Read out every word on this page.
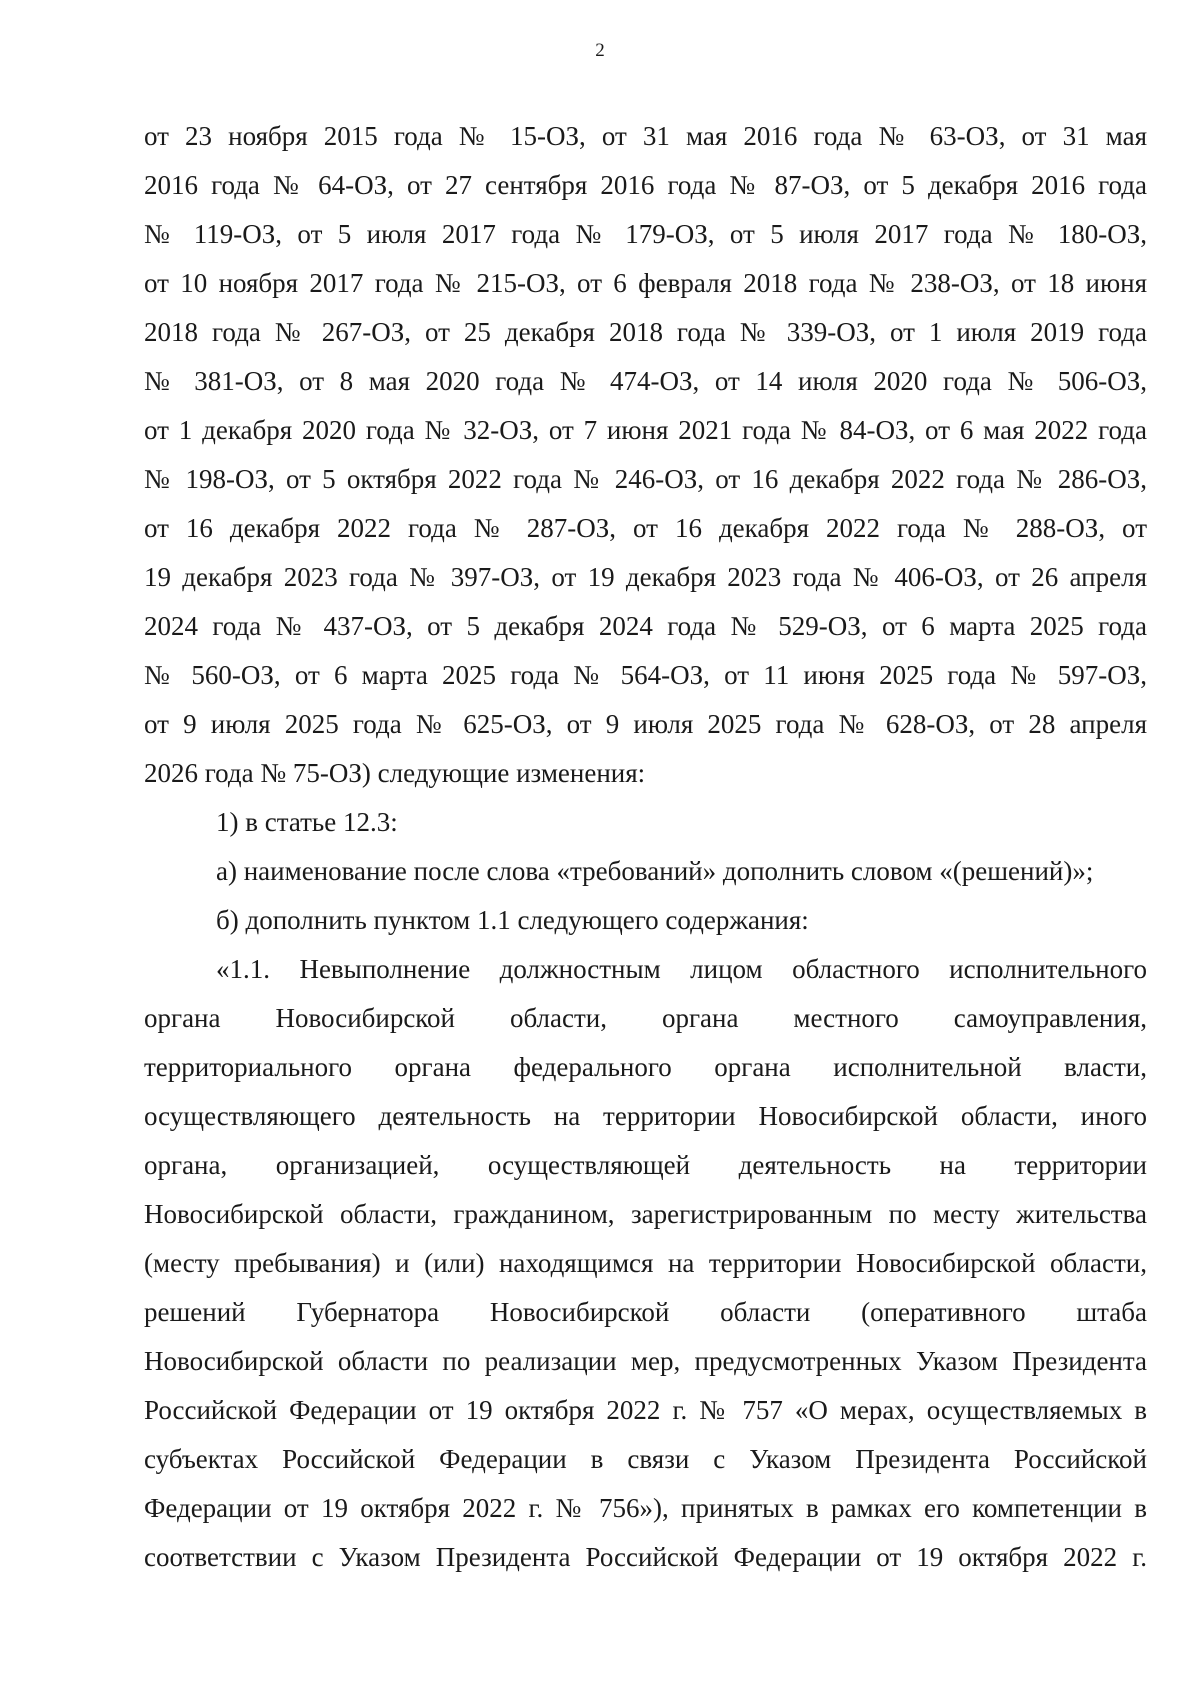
2

от 23 ноября 2015 года № 15-ОЗ, от 31 мая 2016 года № 63-ОЗ, от 31 мая

2016 года № 64-ОЗ, от 27 сентября 2016 года № 87-ОЗ, от 5 декабря 2016 года

№ 119-ОЗ, от 5 июля 2017 года № 179-ОЗ, от 5 июля 2017 года № 180-ОЗ,

от 10 ноября 2017 года № 215-ОЗ, от 6 февраля 2018 года № 238-ОЗ, от 18 июня

2018 года № 267-ОЗ, от 25 декабря 2018 года № 339-ОЗ, от 1 июля 2019 года

№ 381-ОЗ, от 8 мая 2020 года № 474-ОЗ, от 14 июля 2020 года № 506-ОЗ,

от 1 декабря 2020 года № 32-ОЗ, от 7 июня 2021 года № 84-ОЗ, от 6 мая 2022 года

№ 198-ОЗ, от 5 октября 2022 года № 246-ОЗ, от 16 декабря 2022 года № 286-ОЗ,

от 16 декабря 2022 года № 287-ОЗ, от 16 декабря 2022 года № 288-ОЗ, от

19 декабря 2023 года № 397-ОЗ, от 19 декабря 2023 года № 406-ОЗ, от 26 апреля

2024 года № 437-ОЗ, от 5 декабря 2024 года № 529-ОЗ, от 6 марта 2025 года

№ 560-ОЗ, от 6 марта 2025 года № 564-ОЗ, от 11 июня 2025 года № 597-ОЗ,

от 9 июля 2025 года № 625-ОЗ, от 9 июля 2025 года № 628-ОЗ, от 28 апреля

2026 года № 75-ОЗ) следующие изменения:

1) в статье 12.3:

а) наименование после слова «требований» дополнить словом «(решений)»;

б) дополнить пунктом 1.1 следующего содержания:

«1.1. Невыполнение должностным лицом областного исполнительного

органа Новосибирской области, органа местного самоуправления,

территориального органа федерального органа исполнительной власти,

осуществляющего деятельность на территории Новосибирской области, иного

органа, организацией, осуществляющей деятельность на территории

Новосибирской области, гражданином, зарегистрированным по месту жительства

(месту пребывания) и (или) находящимся на территории Новосибирской области,

решений Губернатора Новосибирской области (оперативного штаба

Новосибирской области по реализации мер, предусмотренных Указом Президента

Российской Федерации от 19 октября 2022 г. № 757 «О мерах, осуществляемых в

субъектах Российской Федерации в связи с Указом Президента Российской

Федерации от 19 октября 2022 г. № 756»), принятых в рамках его компетенции в

соответствии с Указом Президента Российской Федерации от 19 октября 2022 г.
